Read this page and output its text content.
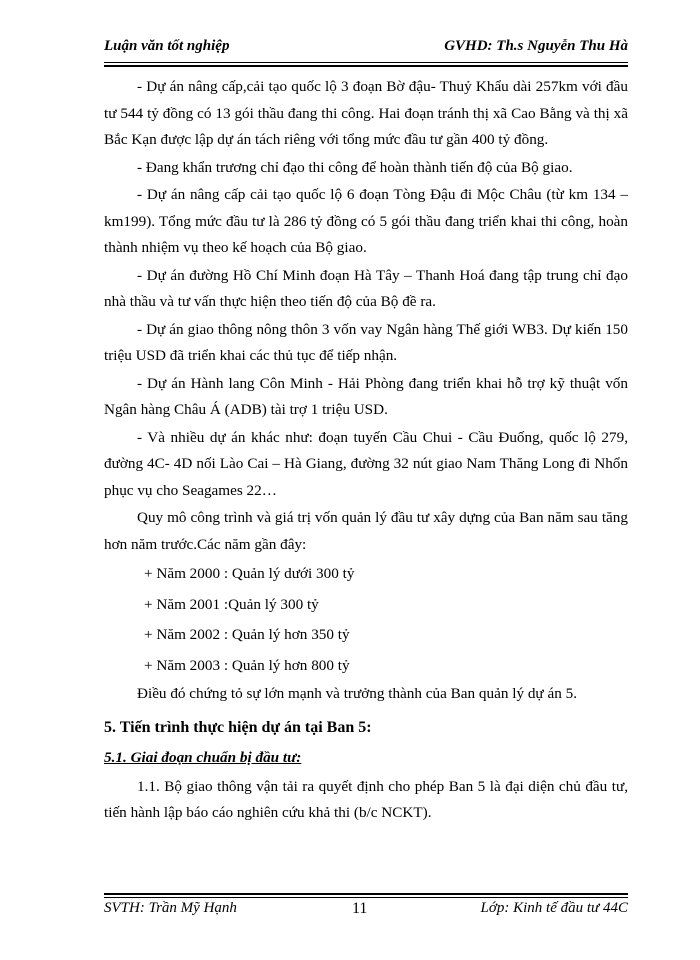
Luận văn tốt nghiệp	GVHD: Th.s Nguyễn Thu Hà

- Dự án nâng cấp,cải tạo quốc lộ 3 đoạn Bờ đậu- Thuỷ Khẩu dài 257km với đầu tư 544 tỷ đồng có 13 gói thầu đang thi công. Hai đoạn tránh thị xã Cao Bằng và thị xã Bắc Kạn được lập dự án tách riêng với tổng mức đầu tư gần 400 tỷ đồng.

- Đang khẩn trương chỉ đạo thi công để hoàn thành tiến độ của Bộ giao.

- Dự án nâng cấp cải tạo quốc lộ 6 đoạn Tòng Đậu đi Mộc Châu (từ km 134 – km199). Tổng mức đầu tư là 286 tỷ đồng có 5 gói thầu đang triển khai thi công, hoàn thành nhiệm vụ theo kế hoạch của Bộ giao.

- Dự án đường Hồ Chí Minh đoạn Hà Tây – Thanh Hoá đang tập trung chỉ đạo nhà thầu và tư vấn thực hiện theo tiến độ của Bộ đề ra.

- Dự án giao thông nông thôn 3 vốn vay Ngân hàng Thế giới WB3. Dự kiến 150 triệu USD đã triển khai các thủ tục để tiếp nhận.

- Dự án Hành lang Côn Minh - Hải Phòng đang triển khai hỗ trợ kỹ thuật vốn Ngân hàng Châu Á (ADB) tài trợ 1 triệu USD.

- Và nhiều dự án khác như: đoạn tuyến Cầu Chui - Cầu Đuống, quốc lộ 279, đường 4C- 4D nối Lào Cai – Hà Giang, đường 32 nút giao Nam Thăng Long đi Nhổn phục vụ cho Seagames 22…

Quy mô công trình và giá trị vốn quản lý đầu tư xây dựng của Ban năm sau tăng hơn năm trước.Các năm gần đây:

+ Năm 2000 : Quản lý dưới 300 tỷ

+ Năm 2001 :Quản lý 300 tỷ

+ Năm 2002 : Quản lý hơn 350 tỷ

+ Năm 2003 : Quản lý hơn 800 tỷ

Điều đó chứng tỏ sự lớn mạnh và trưởng thành của Ban quản lý dự án 5.

5. Tiến trình thực hiện dự án tại Ban 5:
5.1. Giai đoạn chuẩn bị đầu tư:

1.1. Bộ giao thông vận tải ra quyết định cho phép Ban 5 là đại diện chủ đầu tư, tiến hành lập báo cáo nghiên cứu khả thi (b/c NCKT).

SVTH: Trần Mỹ Hạnh	11	Lớp: Kinh tế đầu tư 44C
